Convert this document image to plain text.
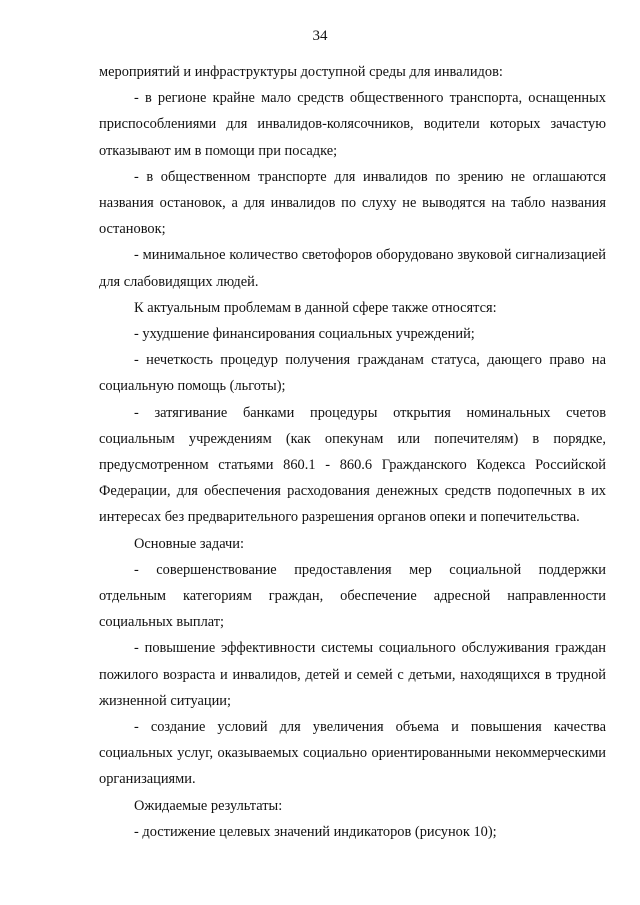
34

мероприятий и инфраструктуры доступной среды для инвалидов:

- в регионе крайне мало средств общественного транспорта, оснащенных приспособлениями для инвалидов-колясочников, водители которых зачастую отказывают им в помощи при посадке;

- в общественном транспорте для инвалидов по зрению не оглашаются названия остановок, а для инвалидов по слуху не выводятся на табло названия остановок;

- минимальное количество светофоров оборудовано звуковой сигнализацией для слабовидящих людей.

К актуальным проблемам в данной сфере также относятся:

- ухудшение финансирования социальных учреждений;

- нечеткость процедур получения гражданам статуса, дающего право на социальную помощь (льготы);

- затягивание банками процедуры открытия номинальных счетов социальным учреждениям (как опекунам или попечителям) в порядке, предусмотренном статьями 860.1 - 860.6 Гражданского Кодекса Российской Федерации, для обеспечения расходования денежных средств подопечных в их интересах без предварительного разрешения органов опеки и попечительства.

Основные задачи:

- совершенствование предоставления мер социальной поддержки отдельным категориям граждан, обеспечение адресной направленности социальных выплат;

- повышение эффективности системы социального обслуживания граждан пожилого возраста и инвалидов, детей и семей с детьми, находящихся в трудной жизненной ситуации;

- создание условий для увеличения объема и повышения качества социальных услуг, оказываемых социально ориентированными некоммерческими организациями.

Ожидаемые результаты:

- достижение целевых значений индикаторов (рисунок 10);
